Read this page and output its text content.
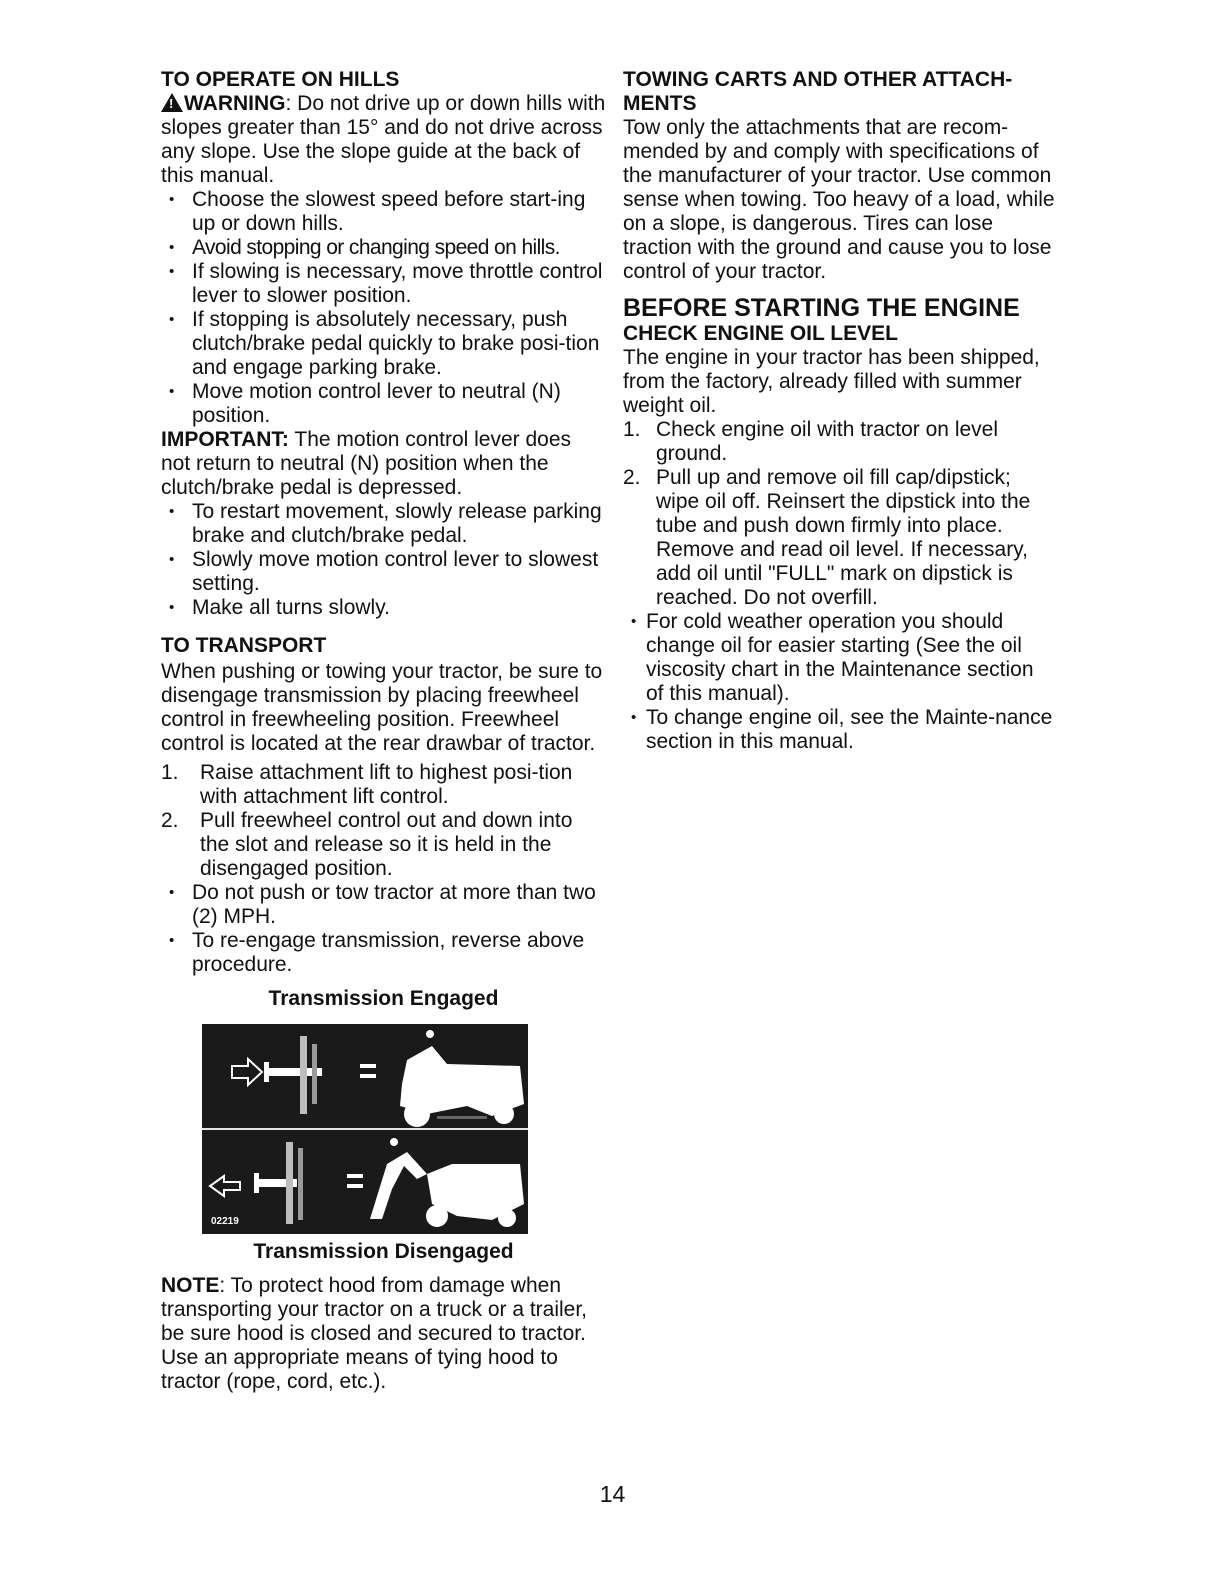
TO OPERATE ON HILLS

!WARNING: Do not drive up or down hills with slopes greater than 15° and do not drive across any slope. Use the slope guide at the back of this manual.

• Choose the slowest speed before start-ing up or down hills.
• Avoid stopping or changing speed on hills.
• If slowing is necessary, move throttle control lever to slower position.
• If stopping is absolutely necessary, push clutch/brake pedal quickly to brake posi-tion and engage parking brake.
• Move motion control lever to neutral (N) position.

IMPORTANT: The motion control lever does not return to neutral (N) position when the clutch/brake pedal is depressed.

• To restart movement, slowly release parking brake and clutch/brake pedal.
• Slowly move motion control lever to slowest setting.
• Make all turns slowly.
TO TRANSPORT

When pushing or towing your tractor, be sure to disengage transmission by placing freewheel control in freewheeling position. Freewheel control is located at the rear drawbar of tractor.

1. Raise attachment lift to highest posi-tion with attachment lift control.
2. Pull freewheel control out and down into the slot and release so it is held in the disengaged position.
• Do not push or tow tractor at more than two (2) MPH.
• To re-engage transmission, reverse above procedure.
Transmission Engaged
02219
Transmission Disengaged

NOTE: To protect hood from damage when transporting your tractor on a truck or a trailer, be sure hood is closed and secured to tractor. Use an appropriate means of tying hood to tractor (rope, cord, etc.).

TOWING CARTS AND OTHER ATTACH-MENTS

Tow only the attachments that are recom-mended by and comply with specifications of the manufacturer of your tractor. Use common sense when towing. Too heavy of a load, while on a slope, is dangerous. Tires can lose traction with the ground and cause you to lose control of your tractor.

BEFORE STARTING THE ENGINE
CHECK ENGINE OIL LEVEL

The engine in your tractor has been shipped, from the factory, already filled with summer weight oil.

1. Check engine oil with tractor on level ground.
2. Pull up and remove oil fill cap/dipstick; wipe oil off. Reinsert the dipstick into the tube and push down firmly into place. Remove and read oil level. If necessary, add oil until "FULL" mark on dipstick is reached. Do not overfill.
• For cold weather operation you should change oil for easier starting (See the oil viscosity chart in the Maintenance section of this manual).
• To change engine oil, see the Mainte-nance section in this manual.
14
